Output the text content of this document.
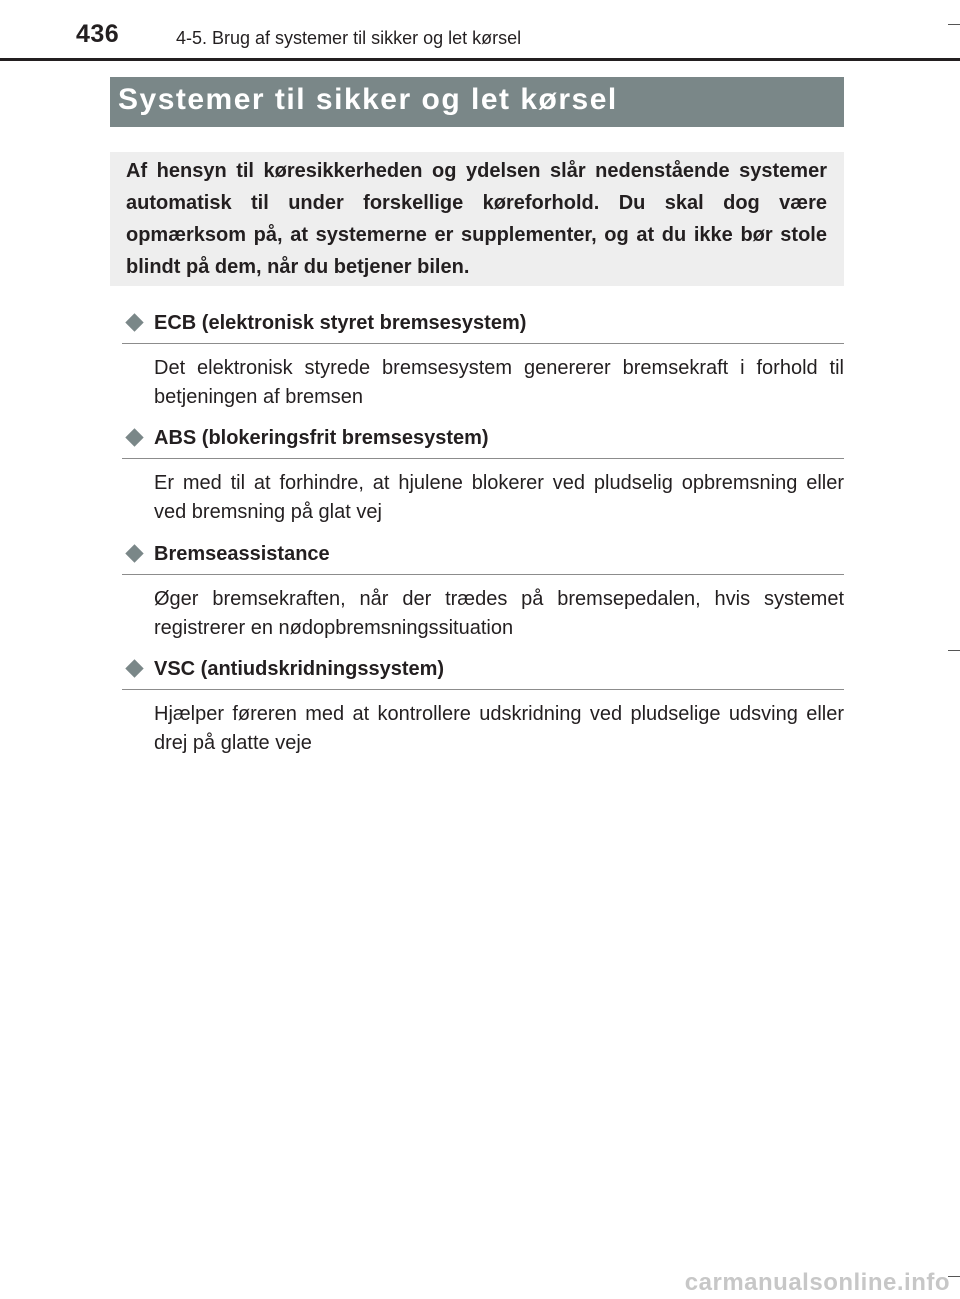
436	4-5. Brug af systemer til sikker og let kørsel
Systemer til sikker og let kørsel
Af hensyn til køresikkerheden og ydelsen slår nedenstående systemer automatisk til under forskellige køreforhold. Du skal dog være opmærksom på, at systemerne er supplementer, og at du ikke bør stole blindt på dem, når du betjener bilen.
ECB (elektronisk styret bremsesystem)
Det elektronisk styrede bremsesystem genererer bremsekraft i forhold til betjeningen af bremsen
ABS (blokeringsfrit bremsesystem)
Er med til at forhindre, at hjulene blokerer ved pludselig opbremsning eller ved bremsning på glat vej
Bremseassistance
Øger bremsekraften, når der trædes på bremsepedalen, hvis systemet registrerer en nødopbremsningssituation
VSC (antiudskridningssystem)
Hjælper føreren med at kontrollere udskridning ved pludselige udsving eller drej på glatte veje
carmanualsonline.info
